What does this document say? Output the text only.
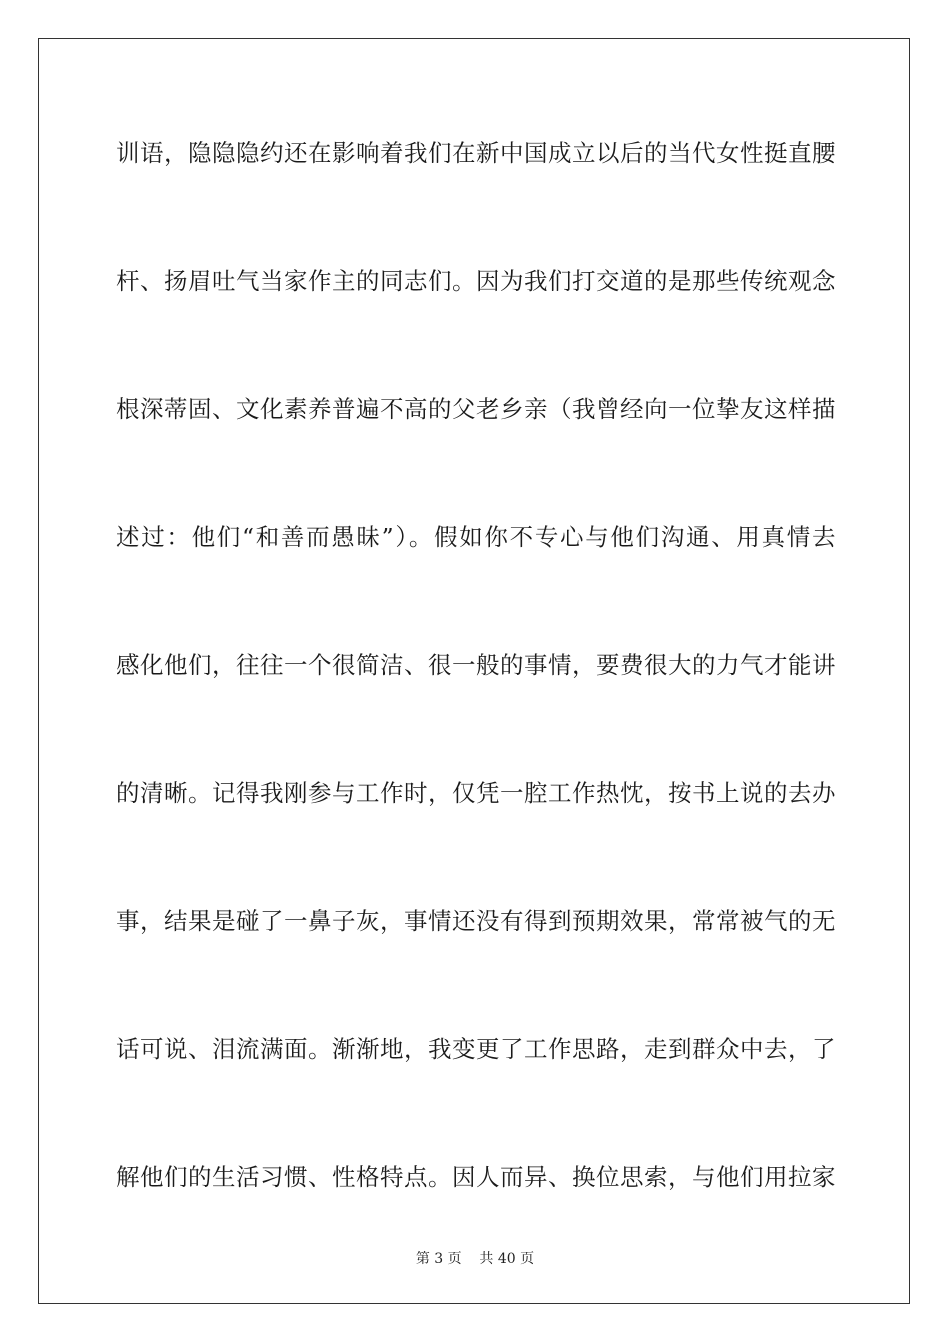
训语，隐隐隐约还在影响着我们在新中国成立以后的当代女性挺直腰
杆、扬眉吐气当家作主的同志们。因为我们打交道的是那些传统观念
根深蒂固、文化素养普遍不高的父老乡亲（我曾经向一位挚友这样描
述过：他们“和善而愚昧”）。假如你不专心与他们沟通、用真情去
感化他们，往往一个很简洁、很一般的事情，要费很大的力气才能讲
的清晰。记得我刚参与工作时，仅凭一腔工作热忱，按书上说的去办
事，结果是碰了一鼻子灰，事情还没有得到预期效果，常常被气的无
话可说、泪流满面。渐渐地，我变更了工作思路，走到群众中去，了
解他们的生活习惯、性格特点。因人而异、换位思索，与他们用拉家
第 3 页    共 40 页
